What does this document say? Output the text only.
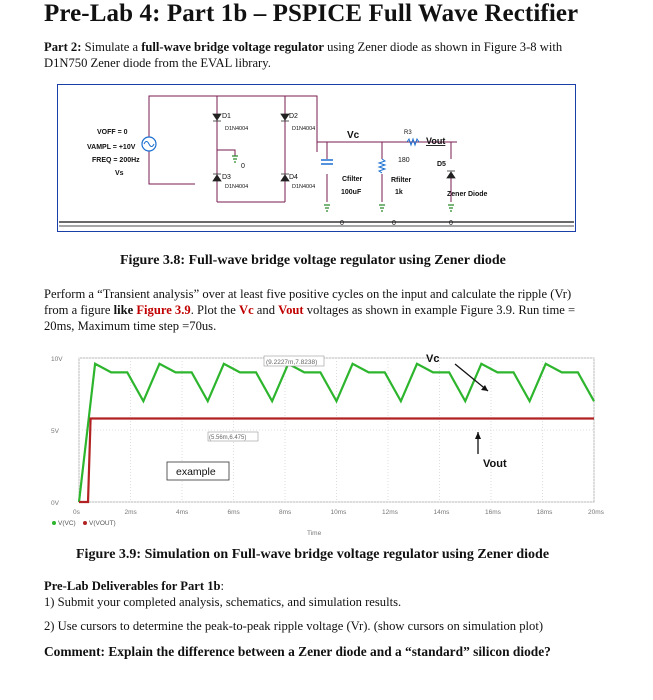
Pre-Lab 4: Part 1b – PSPICE Full Wave Rectifier
Part 2: Simulate a full-wave bridge voltage regulator using Zener diode as shown in Figure 3-8 with D1N750 Zener diode from the EVAL library.
VOFF = 0
VAMPL = +10V
FREQ = 200Hz
Vs
D1
D1N4004
D2
D1N4004
D3
D1N4004
D4
D1N4004
0
Vc	R3
180
Vout
D5
Cfilter
100uF
Rfilter
1k	Zener Diode
0	0	0
Figure 3.8: Full-wave bridge voltage regulator using Zener diode
Perform a “Transient analysis” over at least five positive cycles on the input and calculate the ripple (Vr) from a figure like Figure 3.9. Plot the Vc and Vout voltages as shown in example Figure 3.9. Run time = 20ms, Maximum time step =70us.
0s	2ms	4ms	6ms	8ms	10ms	12ms	14ms	16ms	18ms	20ms
0V
5V
10V	(9.2227m,7.8238)
(5.56m,6.475)
example
Vc
Vout
V(VC) V(VOUT)
Time
Figure 3.9: Simulation on Full-wave bridge voltage regulator using Zener diode
Pre-Lab Deliverables for Part 1b:
1) Submit your completed analysis, schematics, and simulation results.
2) Use cursors to determine the peak-to-peak ripple voltage (Vr). (show cursors on simulation plot)
Comment: Explain the difference between a Zener diode and a “standard” silicon diode?
